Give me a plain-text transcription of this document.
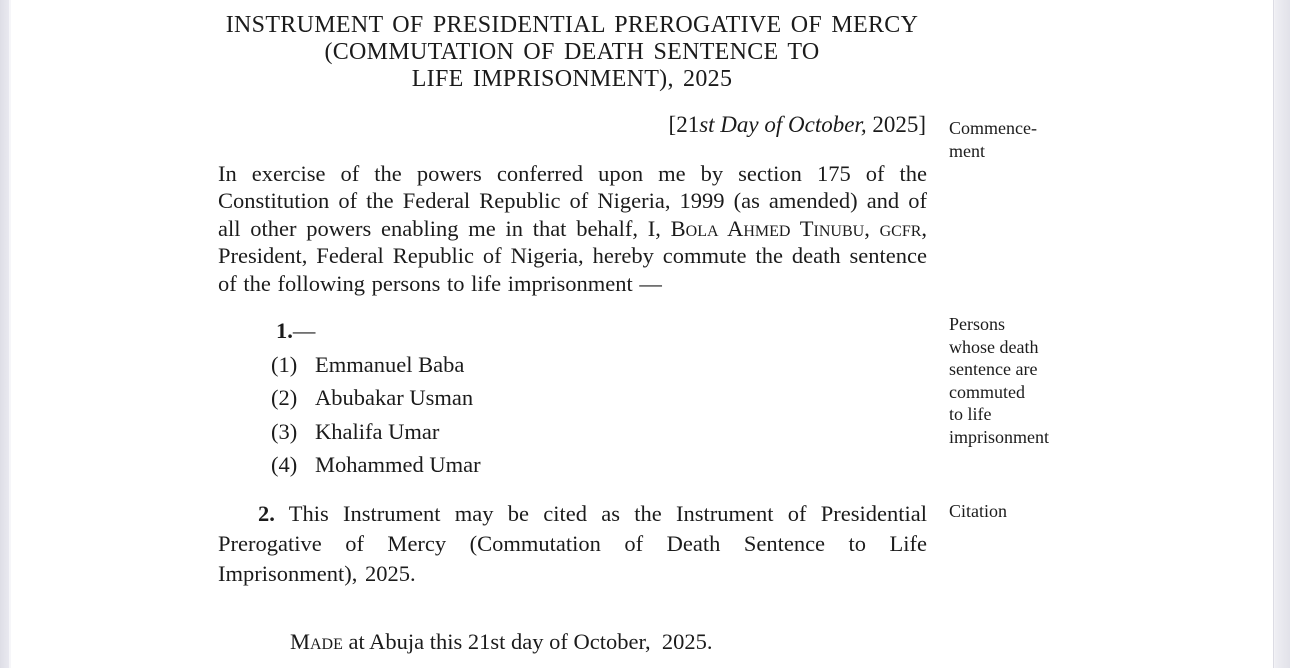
INSTRUMENT OF PRESIDENTIAL PREROGATIVE OF MERCY
(COMMUTATION OF DEATH SENTENCE TO
LIFE IMPRISONMENT), 2025
[21st Day of October, 2025] Commence-
ment
In exercise of the powers conferred upon me by section 175 of the Constitution of the Federal Republic of Nigeria, 1999 (as amended) and of all other powers enabling me in that behalf, I, Bola Ahmed Tinubu, gcfr, President, Federal Republic of Nigeria, hereby commute the death sentence of the following persons to life imprisonment —
Persons
whose death
sentence are
commuted
to life
imprisonment
1.—
(1) Emmanuel Baba
(2) Abubakar Usman
(3) Khalifa Umar
(4) Mohammed Umar
2. This Instrument may be cited as the Instrument of Presidential Prerogative of Mercy (Commutation of Death Sentence to Life Imprisonment), 2025.
Citation
Made at Abuja this 21st day of October,  2025.
